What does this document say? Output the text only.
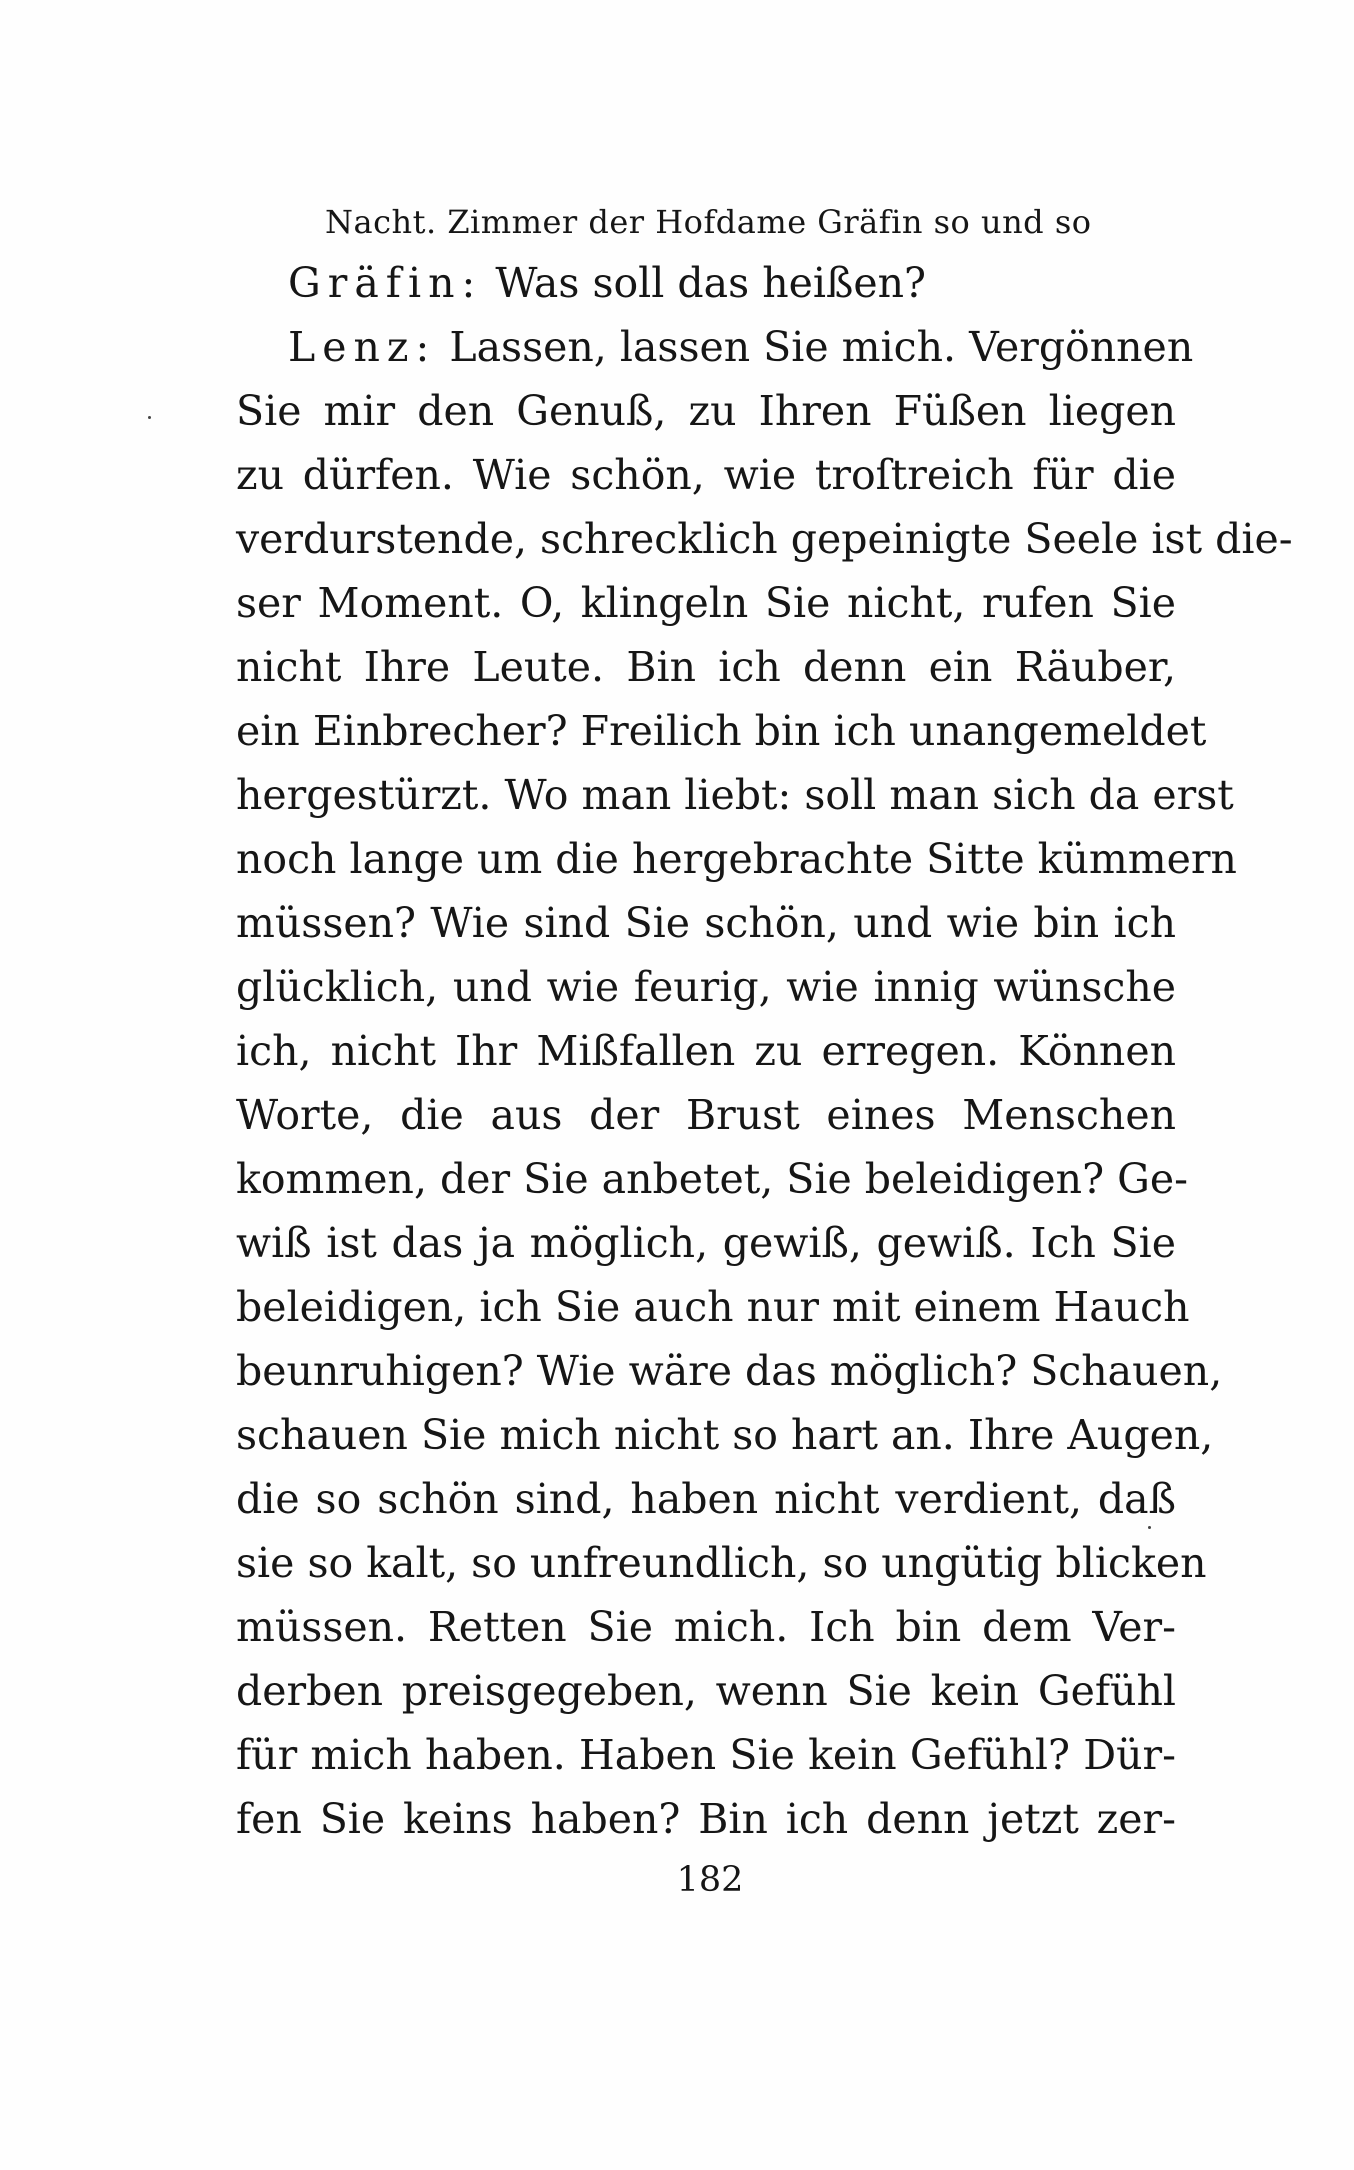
Nacht. Zimmer der Hofdame Gräfin so und so
Gräfin: Was soll das heißen?
Lenz: Lassen, lassen Sie mich. Vergönnen
Sie mir den Genuß, zu Ihren Füßen liegen
zu dürfen. Wie schön, wie troſtreich für die
verdurstende, schrecklich gepeinigte Seele ist die-
ser Moment. O, klingeln Sie nicht, rufen Sie
nicht Ihre Leute. Bin ich denn ein Räuber,
ein Einbrecher? Freilich bin ich unangemeldet
hergestürzt. Wo man liebt: soll man sich da erst
noch lange um die hergebrachte Sitte kümmern
müssen? Wie sind Sie schön, und wie bin ich
glücklich, und wie feurig, wie innig wünsche
ich, nicht Ihr Mißfallen zu erregen. Können
Worte, die aus der Brust eines Menschen
kommen, der Sie anbetet, Sie beleidigen? Ge-
wiß ist das ja möglich, gewiß, gewiß. Ich Sie
beleidigen, ich Sie auch nur mit einem Hauch
beunruhigen? Wie wäre das möglich? Schauen,
schauen Sie mich nicht so hart an. Ihre Augen,
die so schön sind, haben nicht verdient, daß
sie so kalt, so unfreundlich, so ungütig blicken
müssen. Retten Sie mich. Ich bin dem Ver-
derben preisgegeben, wenn Sie kein Gefühl
für mich haben. Haben Sie kein Gefühl? Dür-
fen Sie keins haben? Bin ich denn jetzt zer-
182
